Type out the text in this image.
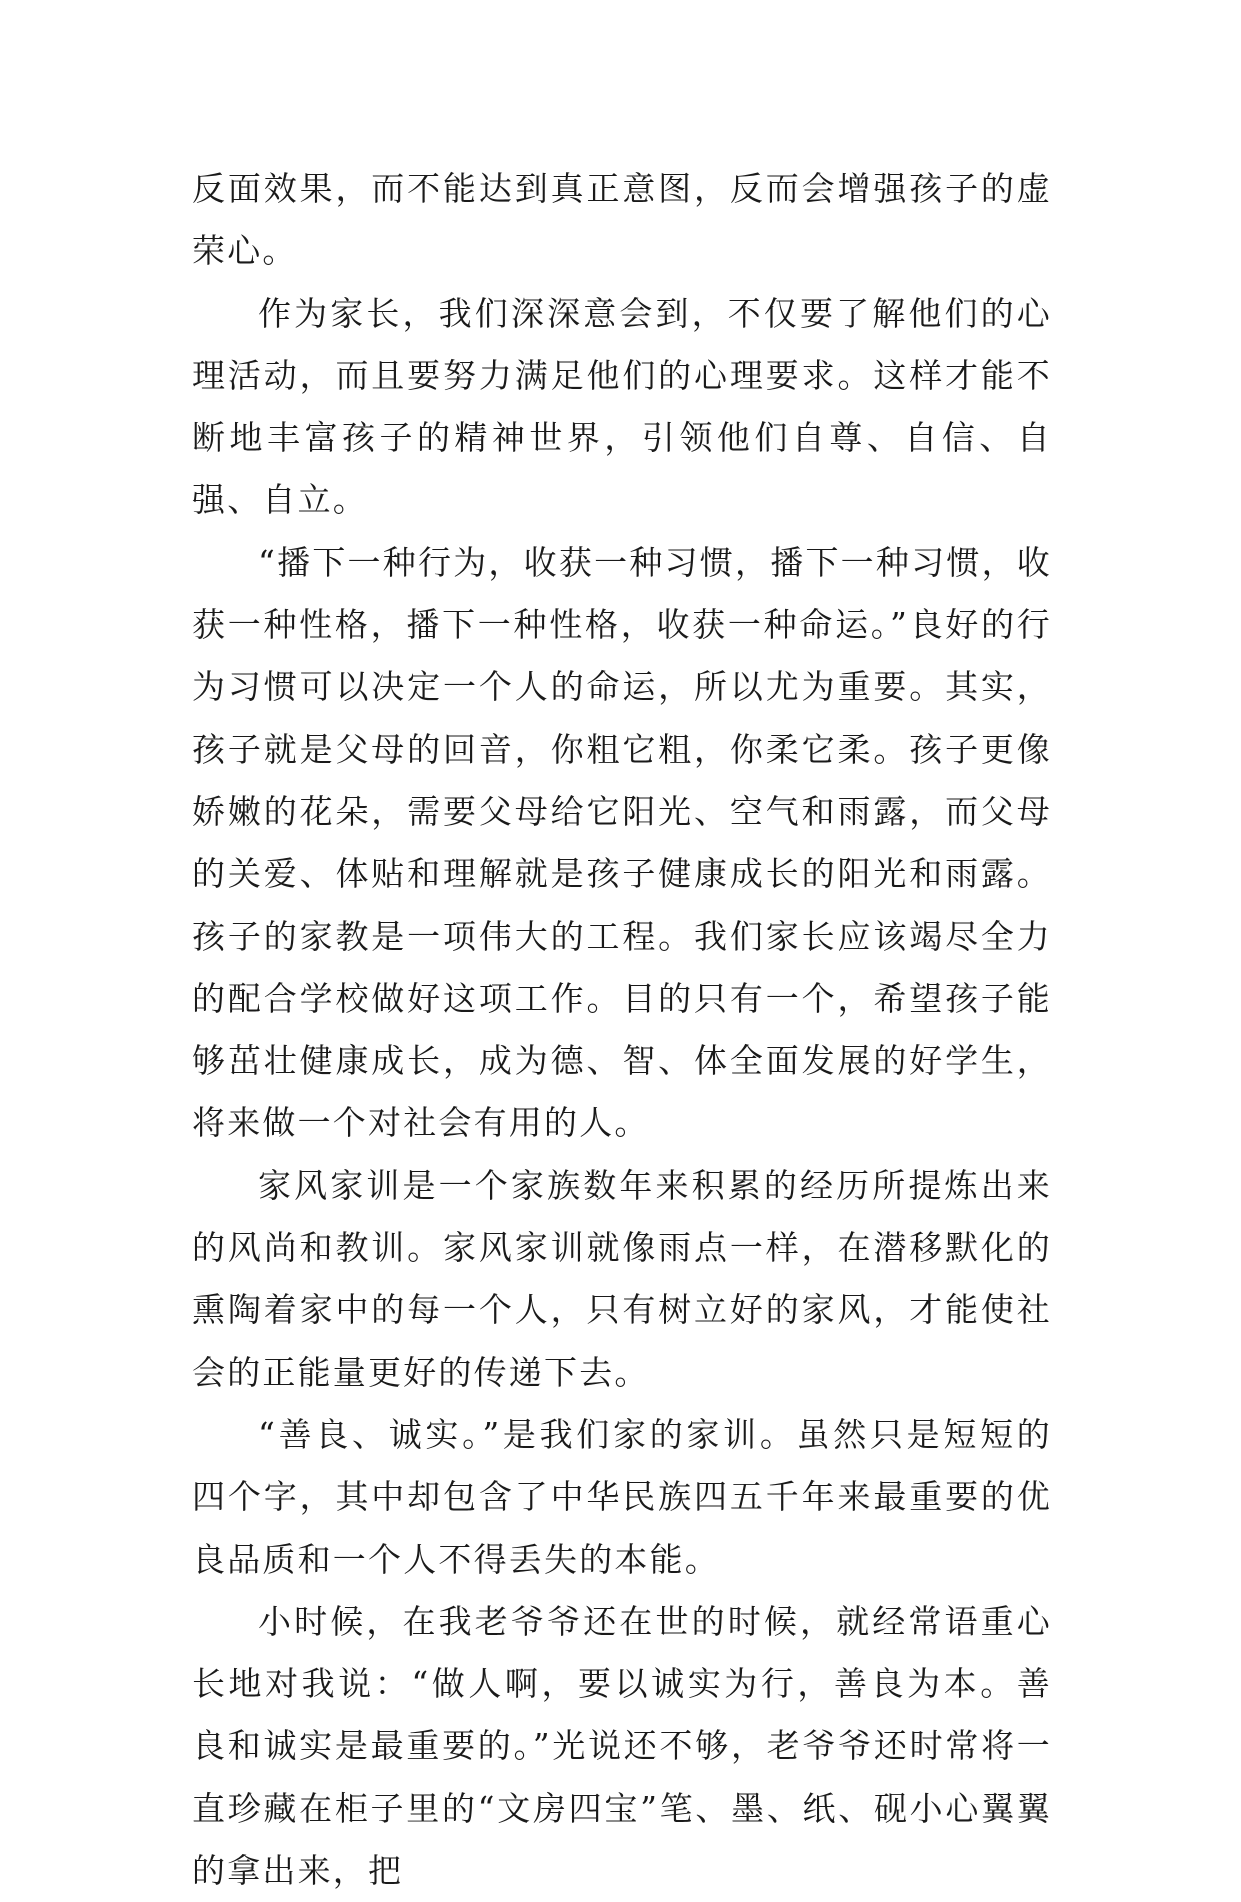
反面效果，而不能达到真正意图，反而会增强孩子的虚荣心。

作为家长，我们深深意会到，不仅要了解他们的心理活动，而且要努力满足他们的心理要求。这样才能不断地丰富孩子的精神世界，引领他们自尊、自信、自强、自立。

“播下一种行为，收获一种习惯，播下一种习惯，收获一种性格，播下一种性格，收获一种命运。”良好的行为习惯可以决定一个人的命运，所以尤为重要。其实，孩子就是父母的回音，你粗它粗，你柔它柔。孩子更像娇嫩的花朵，需要父母给它阳光、空气和雨露，而父母的关爱、体贴和理解就是孩子健康成长的阳光和雨露。孩子的家教是一项伟大的工程。我们家长应该竭尽全力的配合学校做好这项工作。目的只有一个，希望孩子能够茁壮健康成长，成为德、智、体全面发展的好学生，将来做一个对社会有用的人。

家风家训是一个家族数年来积累的经历所提炼出来的风尚和教训。家风家训就像雨点一样，在潜移默化的熏陶着家中的每一个人，只有树立好的家风，才能使社会的正能量更好的传递下去。

“善良、诚实。”是我们家的家训。虽然只是短短的四个字，其中却包含了中华民族四五千年来最重要的优良品质和一个人不得丢失的本能。

小时候，在我老爷爷还在世的时候，就经常语重心长地对我说：“做人啊，要以诚实为行，善良为本。善良和诚实是最重要的。”光说还不够，老爷爷还时常将一直珍藏在柜子里的“文房四宝”笔、墨、纸、砚小心翼翼的拿出来，把
